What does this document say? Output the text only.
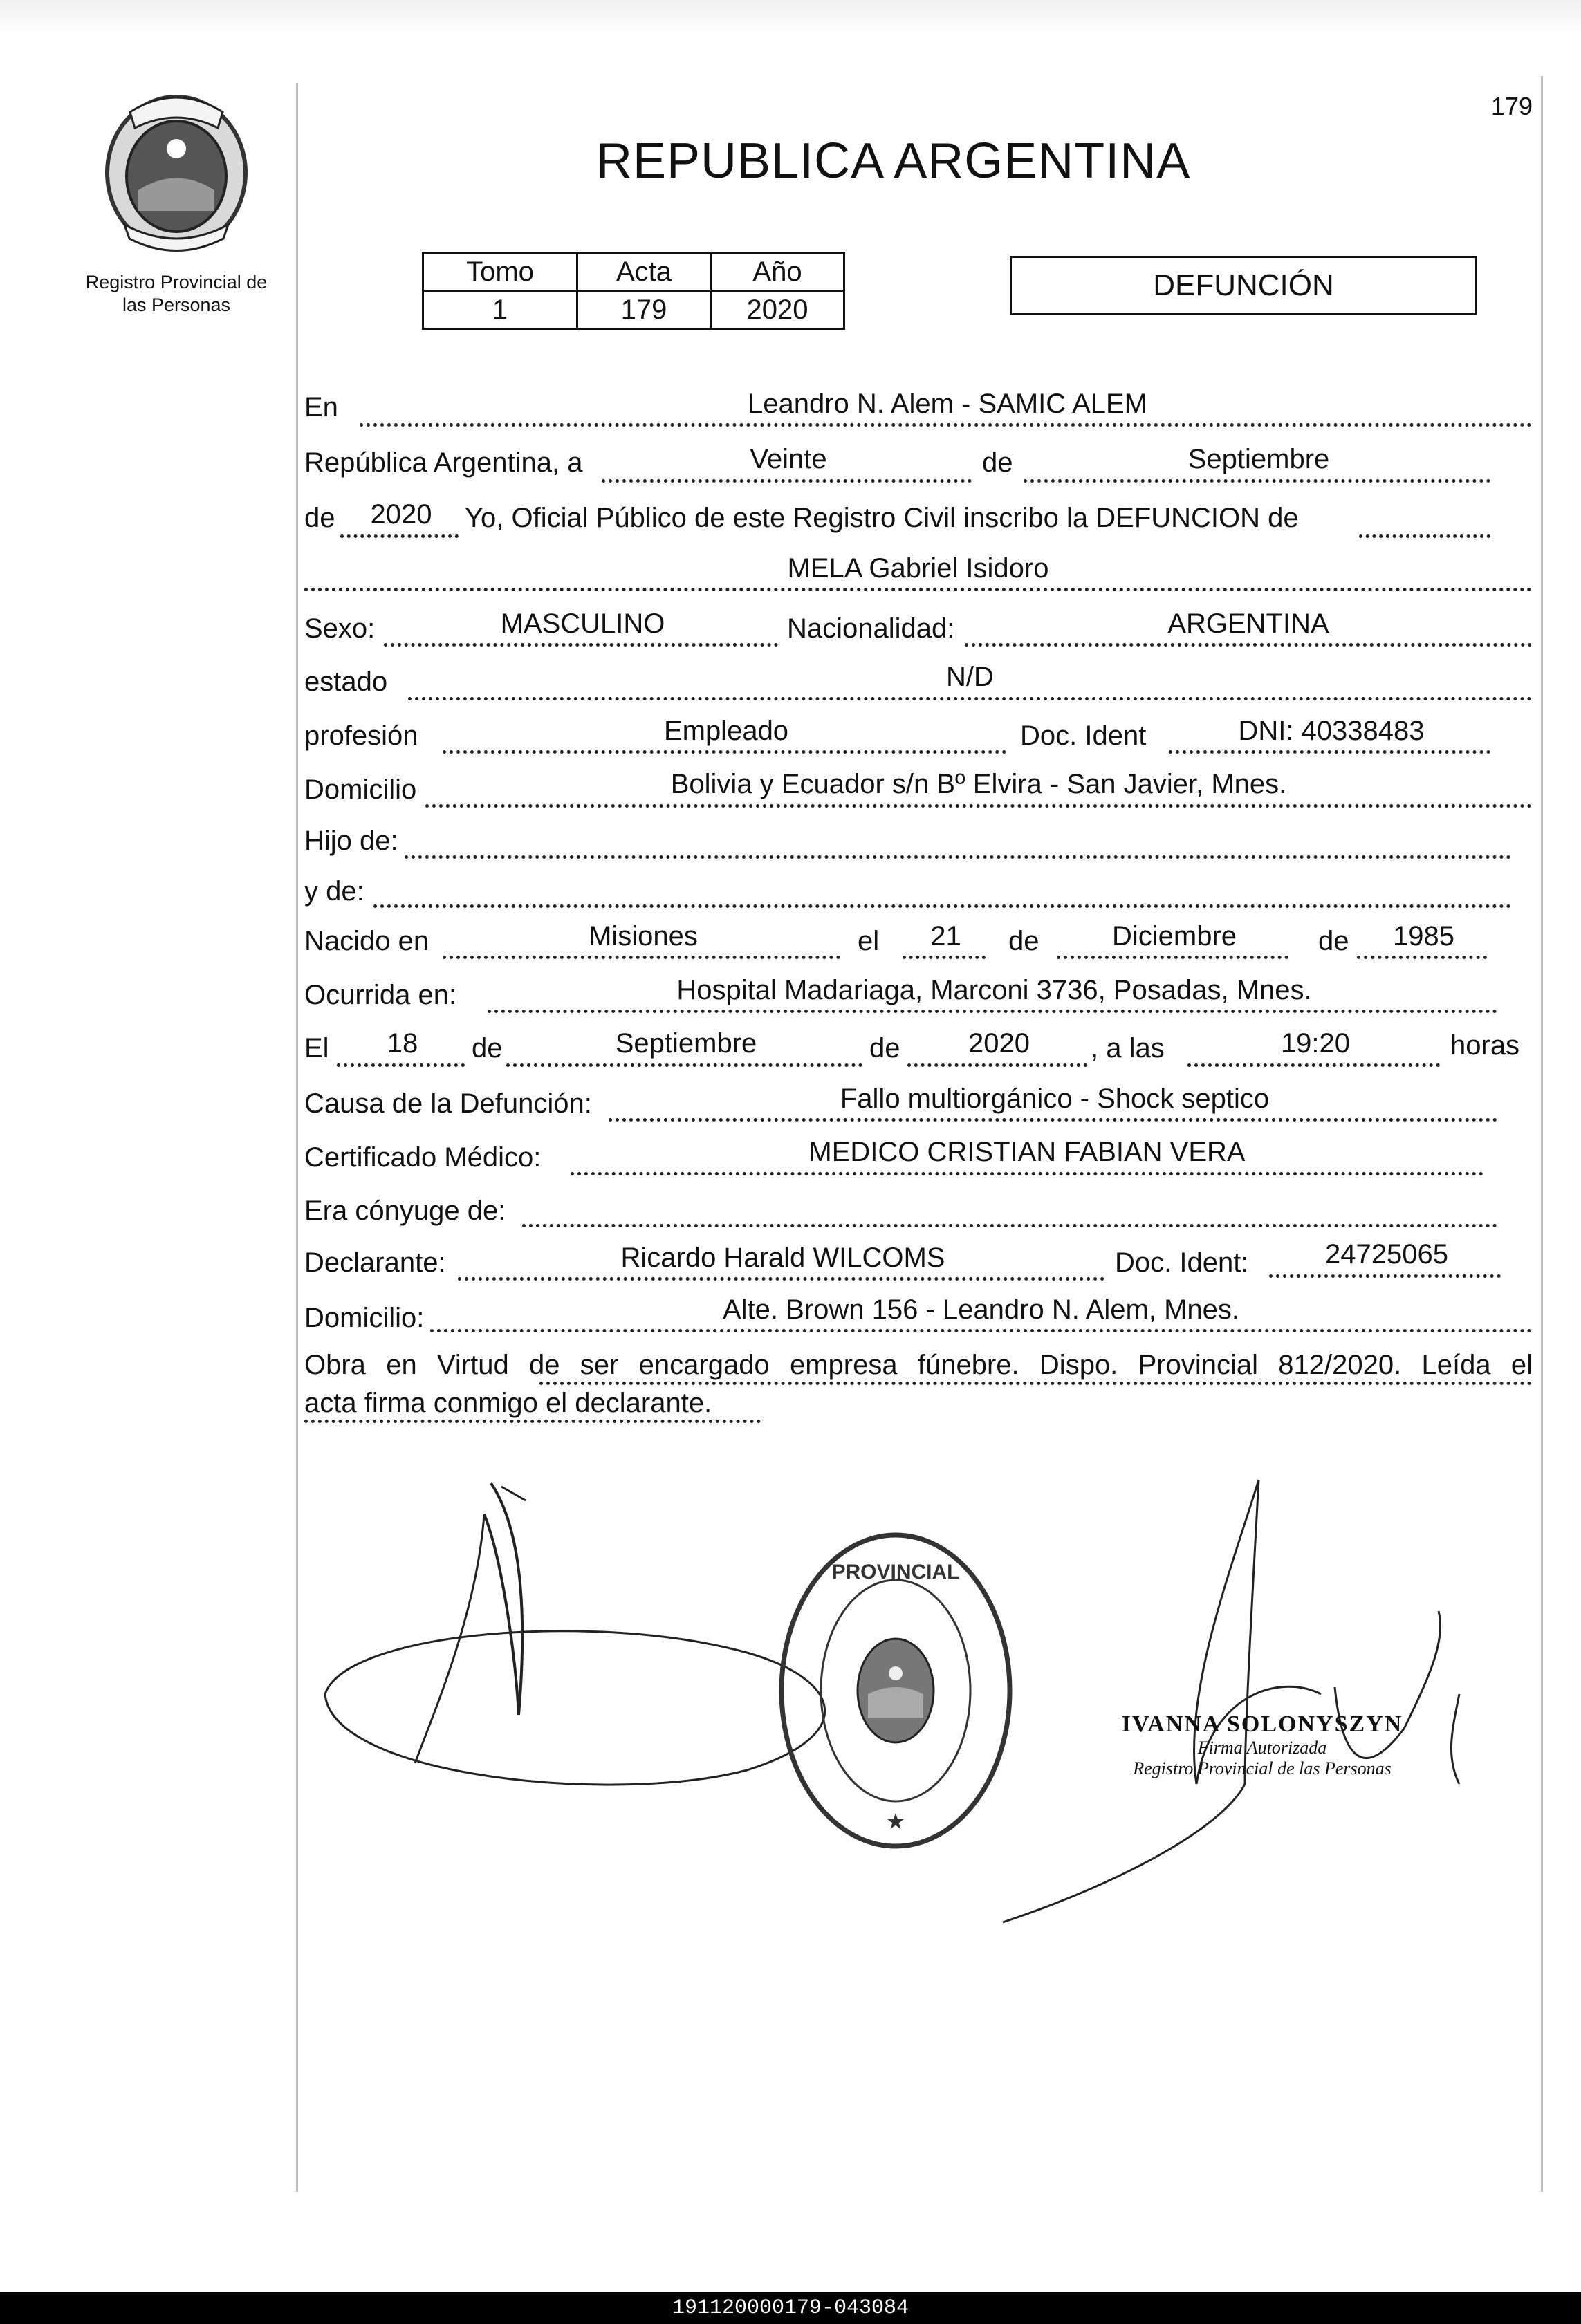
Registro Provincial de
las Personas
179
REPUBLICA ARGENTINA
Tomo	Acta	Año
1	179	2020
DEFUNCIÓN
En	Leandro N. Alem - SAMIC ALEM
República Argentina, a	Veinte	de	Septiembre
de	2020	Yo, Oficial Público de este Registro Civil inscribo la DEFUNCION de
MELA Gabriel Isidoro
Sexo:	MASCULINO	Nacionalidad:	ARGENTINA
estado	N/D
profesión	Empleado	Doc. Ident	DNI: 40338483
Domicilio	Bolivia y Ecuador s/n Bº Elvira - San Javier, Mnes.
Hijo de:
y de:
Nacido en	Misiones	el	21	de	Diciembre	de	1985
Ocurrida en:	Hospital Madariaga, Marconi 3736, Posadas, Mnes.
El	18	de	Septiembre	de	2020	, a las	19:20	horas
Causa de la Defunción:	Fallo multiorgánico - Shock septico
Certificado Médico:	MEDICO CRISTIAN FABIAN VERA
Era cónyuge de:
Declarante:	Ricardo Harald WILCOMS	Doc. Ident:	24725065
Domicilio:	Alte. Brown 156 - Leandro N. Alem, Mnes.
Obra en Virtud de ser encargado empresa fúnebre. Dispo. Provincial 812/2020. Leída el
acta firma conmigo el declarante.
PROVINCIAL
★
IVANNA SOLONYSZYN
Firma Autorizada
Registro Provincial de las Personas
191120000179-043084
